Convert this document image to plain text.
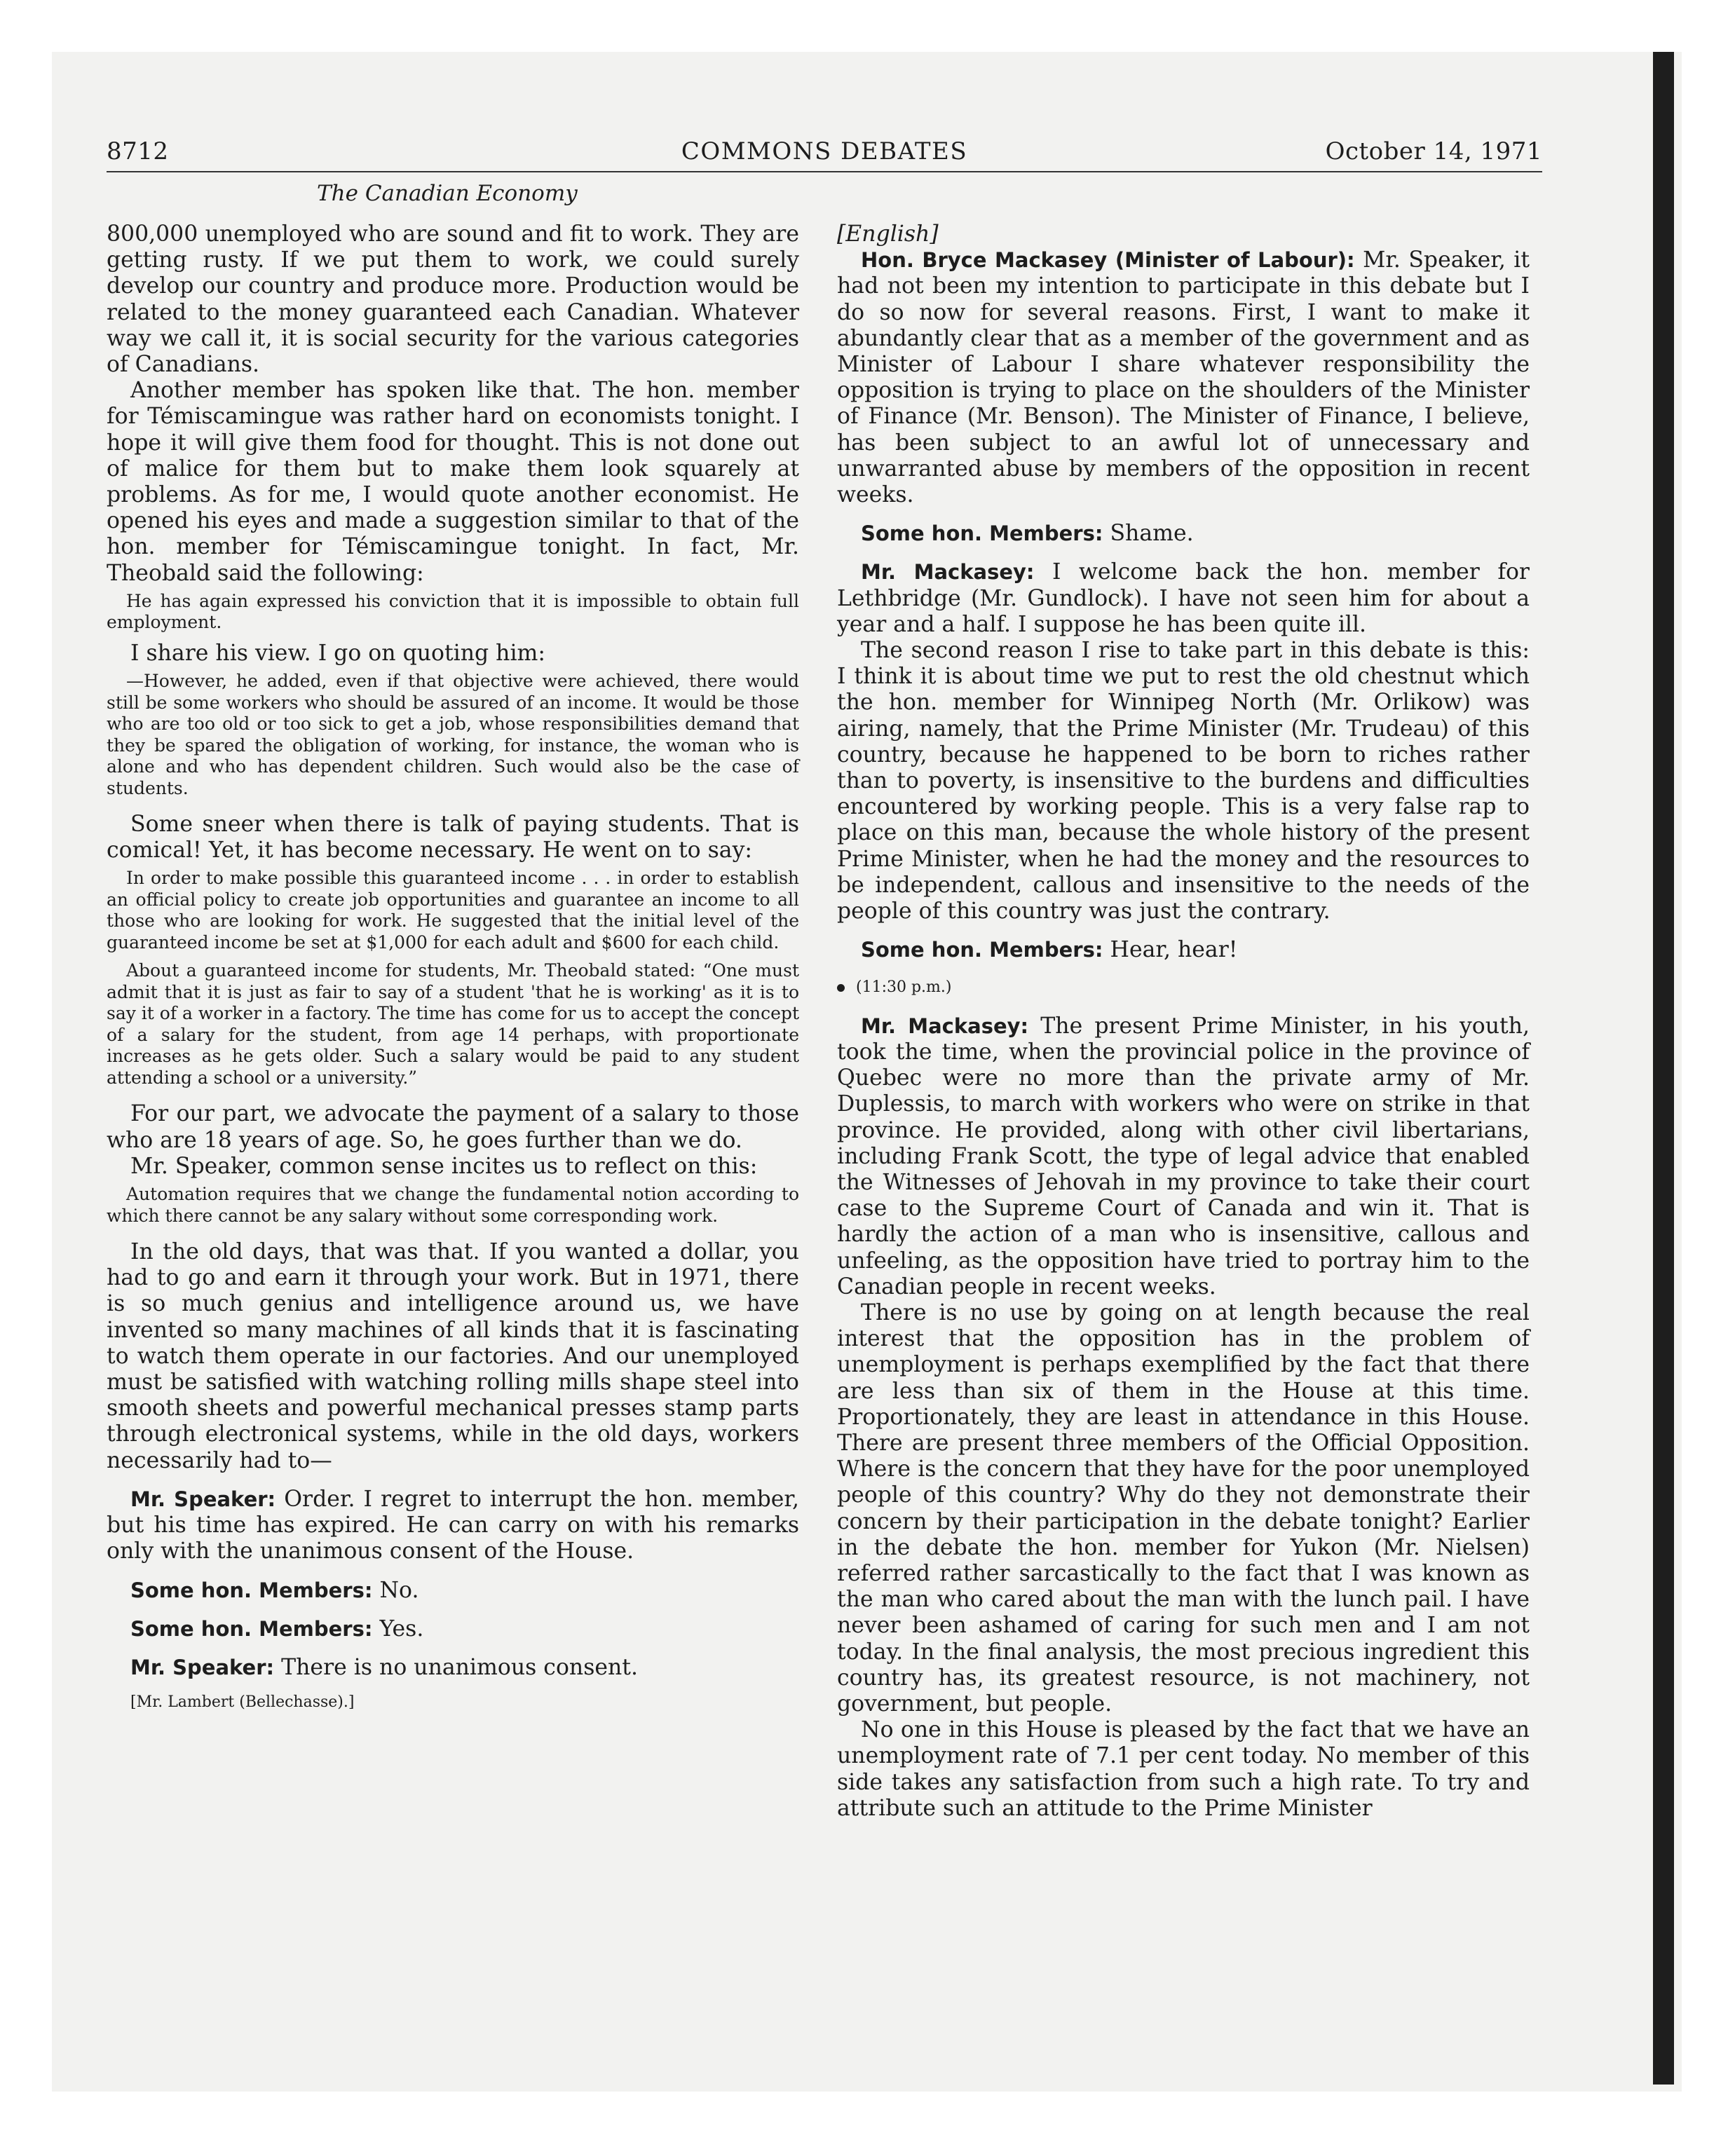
8712	COMMONS DEBATES	October 14, 1971
The Canadian Economy

800,000 unemployed who are sound and fit to work. They are getting rusty. If we put them to work, we could surely develop our country and produce more. Production would be related to the money guaranteed each Canadian. Whatever way we call it, it is social security for the various categories of Canadians.

Another member has spoken like that. The hon. member for Témiscamingue was rather hard on economists tonight. I hope it will give them food for thought. This is not done out of malice for them but to make them look squarely at problems. As for me, I would quote another economist. He opened his eyes and made a suggestion similar to that of the hon. member for Témiscamingue tonight. In fact, Mr. Theobald said the following:

He has again expressed his conviction that it is impossible to obtain full employment.

I share his view. I go on quoting him:

—However, he added, even if that objective were achieved, there would still be some workers who should be assured of an income. It would be those who are too old or too sick to get a job, whose responsibilities demand that they be spared the obligation of working, for instance, the woman who is alone and who has dependent children. Such would also be the case of students.

Some sneer when there is talk of paying students. That is comical! Yet, it has become necessary. He went on to say:

In order to make possible this guaranteed income . . . in order to establish an official policy to create job opportunities and guarantee an income to all those who are looking for work. He suggested that the initial level of the guaranteed income be set at $1,000 for each adult and $600 for each child.

About a guaranteed income for students, Mr. Theobald stated: “One must admit that it is just as fair to say of a student 'that he is working' as it is to say it of a worker in a factory. The time has come for us to accept the concept of a salary for the student, from age 14 perhaps, with proportionate increases as he gets older. Such a salary would be paid to any student attending a school or a university.”

For our part, we advocate the payment of a salary to those who are 18 years of age. So, he goes further than we do.

Mr. Speaker, common sense incites us to reflect on this:

Automation requires that we change the fundamental notion according to which there cannot be any salary without some corresponding work.

In the old days, that was that. If you wanted a dollar, you had to go and earn it through your work. But in 1971, there is so much genius and intelligence around us, we have invented so many machines of all kinds that it is fascinating to watch them operate in our factories. And our unemployed must be satisfied with watching rolling mills shape steel into smooth sheets and powerful mechanical presses stamp parts through electronical systems, while in the old days, workers necessarily had to—

Mr. Speaker: Order. I regret to interrupt the hon. member, but his time has expired. He can carry on with his remarks only with the unanimous consent of the House.

Some hon. Members: No.

Some hon. Members: Yes.

Mr. Speaker: There is no unanimous consent.

[Mr. Lambert (Bellechasse).]

[English]

Hon. Bryce Mackasey (Minister of Labour): Mr. Speaker, it had not been my intention to participate in this debate but I do so now for several reasons. First, I want to make it abundantly clear that as a member of the government and as Minister of Labour I share whatever responsibility the opposition is trying to place on the shoulders of the Minister of Finance (Mr. Benson). The Minister of Finance, I believe, has been subject to an awful lot of unnecessary and unwarranted abuse by members of the opposition in recent weeks.

Some hon. Members: Shame.

Mr. Mackasey: I welcome back the hon. member for Lethbridge (Mr. Gundlock). I have not seen him for about a year and a half. I suppose he has been quite ill.

The second reason I rise to take part in this debate is this: I think it is about time we put to rest the old chestnut which the hon. member for Winnipeg North (Mr. Orlikow) was airing, namely, that the Prime Minister (Mr. Trudeau) of this country, because he happened to be born to riches rather than to poverty, is insensitive to the burdens and difficulties encountered by working people. This is a very false rap to place on this man, because the whole history of the present Prime Minister, when he had the money and the resources to be independent, callous and insensitive to the needs of the people of this country was just the contrary.

Some hon. Members: Hear, hear!

(11:30 p.m.)

Mr. Mackasey: The present Prime Minister, in his youth, took the time, when the provincial police in the province of Quebec were no more than the private army of Mr. Duplessis, to march with workers who were on strike in that province. He provided, along with other civil libertarians, including Frank Scott, the type of legal advice that enabled the Witnesses of Jehovah in my province to take their court case to the Supreme Court of Canada and win it. That is hardly the action of a man who is insensitive, callous and unfeeling, as the opposition have tried to portray him to the Canadian people in recent weeks.

There is no use by going on at length because the real interest that the opposition has in the problem of unemployment is perhaps exemplified by the fact that there are less than six of them in the House at this time. Proportionately, they are least in attendance in this House. There are present three members of the Official Opposition. Where is the concern that they have for the poor unemployed people of this country? Why do they not demonstrate their concern by their participation in the debate tonight? Earlier in the debate the hon. member for Yukon (Mr. Nielsen) referred rather sarcastically to the fact that I was known as the man who cared about the man with the lunch pail. I have never been ashamed of caring for such men and I am not today. In the final analysis, the most precious ingredient this country has, its greatest resource, is not machinery, not government, but people.

No one in this House is pleased by the fact that we have an unemployment rate of 7.1 per cent today. No member of this side takes any satisfaction from such a high rate. To try and attribute such an attitude to the Prime Minister
